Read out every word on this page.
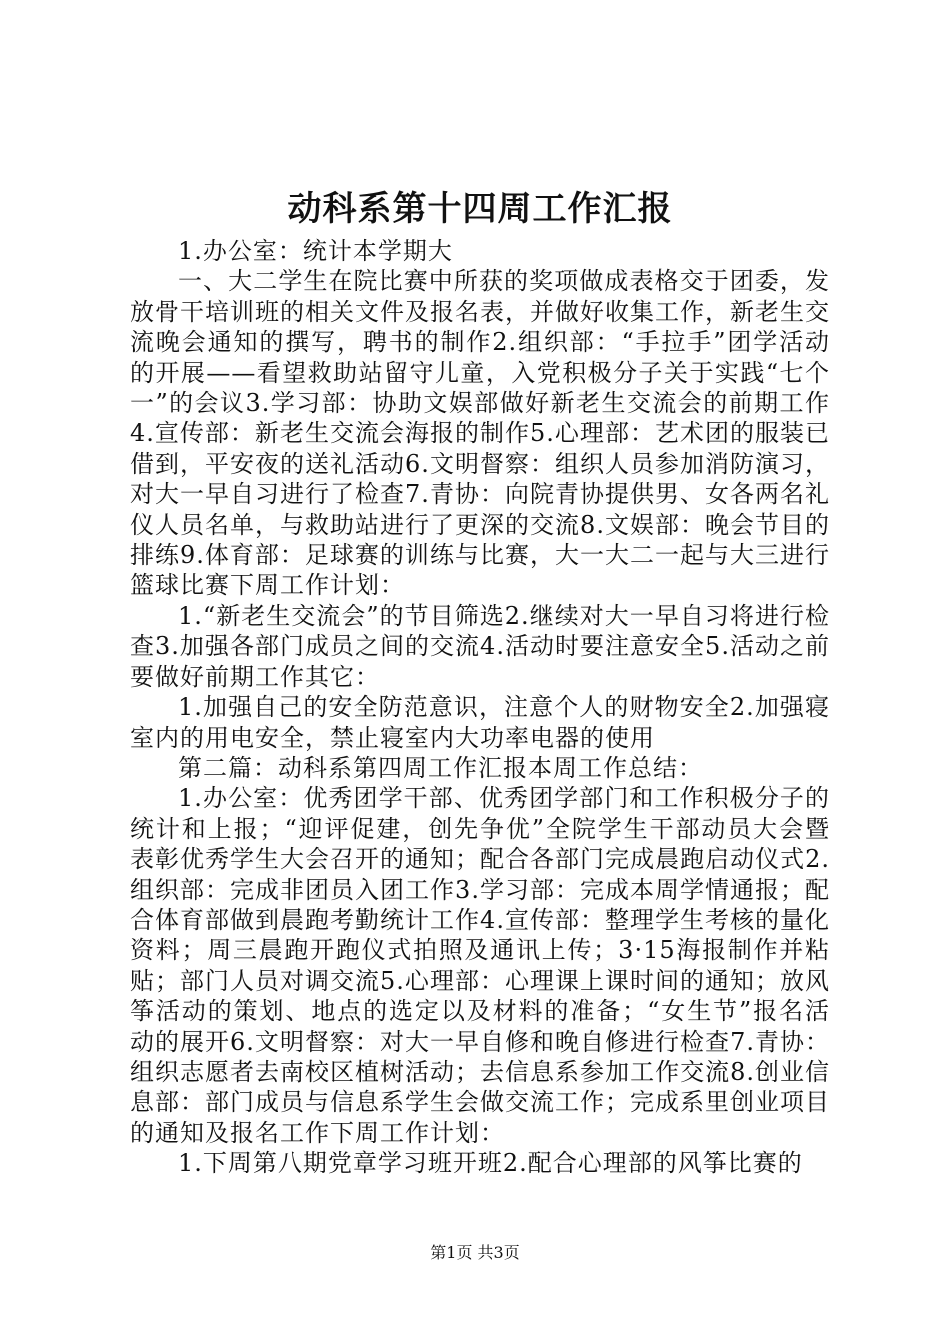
动科系第十四周工作汇报

1.办公室：统计本学期大

一、大二学生在院比赛中所获的奖项做成表格交于团委，发放骨干培训班的相关文件及报名表，并做好收集工作，新老生交流晚会通知的撰写，聘书的制作2.组织部：“手拉手”团学活动的开展——看望救助站留守儿童，入党积极分子关于实践“七个一”的会议3.学习部：协助文娱部做好新老生交流会的前期工作4.宣传部：新老生交流会海报的制作5.心理部：艺术团的服装已借到，平安夜的送礼活动6.文明督察：组织人员参加消防演习，对大一早自习进行了检查7.青协：向院青协提供男、女各两名礼仪人员名单，与救助站进行了更深的交流8.文娱部：晚会节目的排练9.体育部：足球赛的训练与比赛，大一大二一起与大三进行篮球比赛下周工作计划：

1.“新老生交流会”的节目筛选2.继续对大一早自习将进行检查3.加强各部门成员之间的交流4.活动时要注意安全5.活动之前要做好前期工作其它：

1.加强自己的安全防范意识，注意个人的财物安全2.加强寝室内的用电安全，禁止寝室内大功率电器的使用

第二篇：动科系第四周工作汇报本周工作总结：

1.办公室：优秀团学干部、优秀团学部门和工作积极分子的统计和上报；“迎评促建，创先争优”全院学生干部动员大会暨表彰优秀学生大会召开的通知；配合各部门完成晨跑启动仪式2.组织部：完成非团员入团工作3.学习部：完成本周学情通报；配合体育部做到晨跑考勤统计工作4.宣传部：整理学生考核的量化资料；周三晨跑开跑仪式拍照及通讯上传；3·15海报制作并粘贴；部门人员对调交流5.心理部：心理课上课时间的通知；放风筝活动的策划、地点的选定以及材料的准备；“女生节”报名活动的展开6.文明督察：对大一早自修和晚自修进行检查7.青协：组织志愿者去南校区植树活动；去信息系参加工作交流8.创业信息部：部门成员与信息系学生会做交流工作；完成系里创业项目的通知及报名工作下周工作计划：

1.下周第八期党章学习班开班2.配合心理部的风筝比赛的

第1页 共3页
